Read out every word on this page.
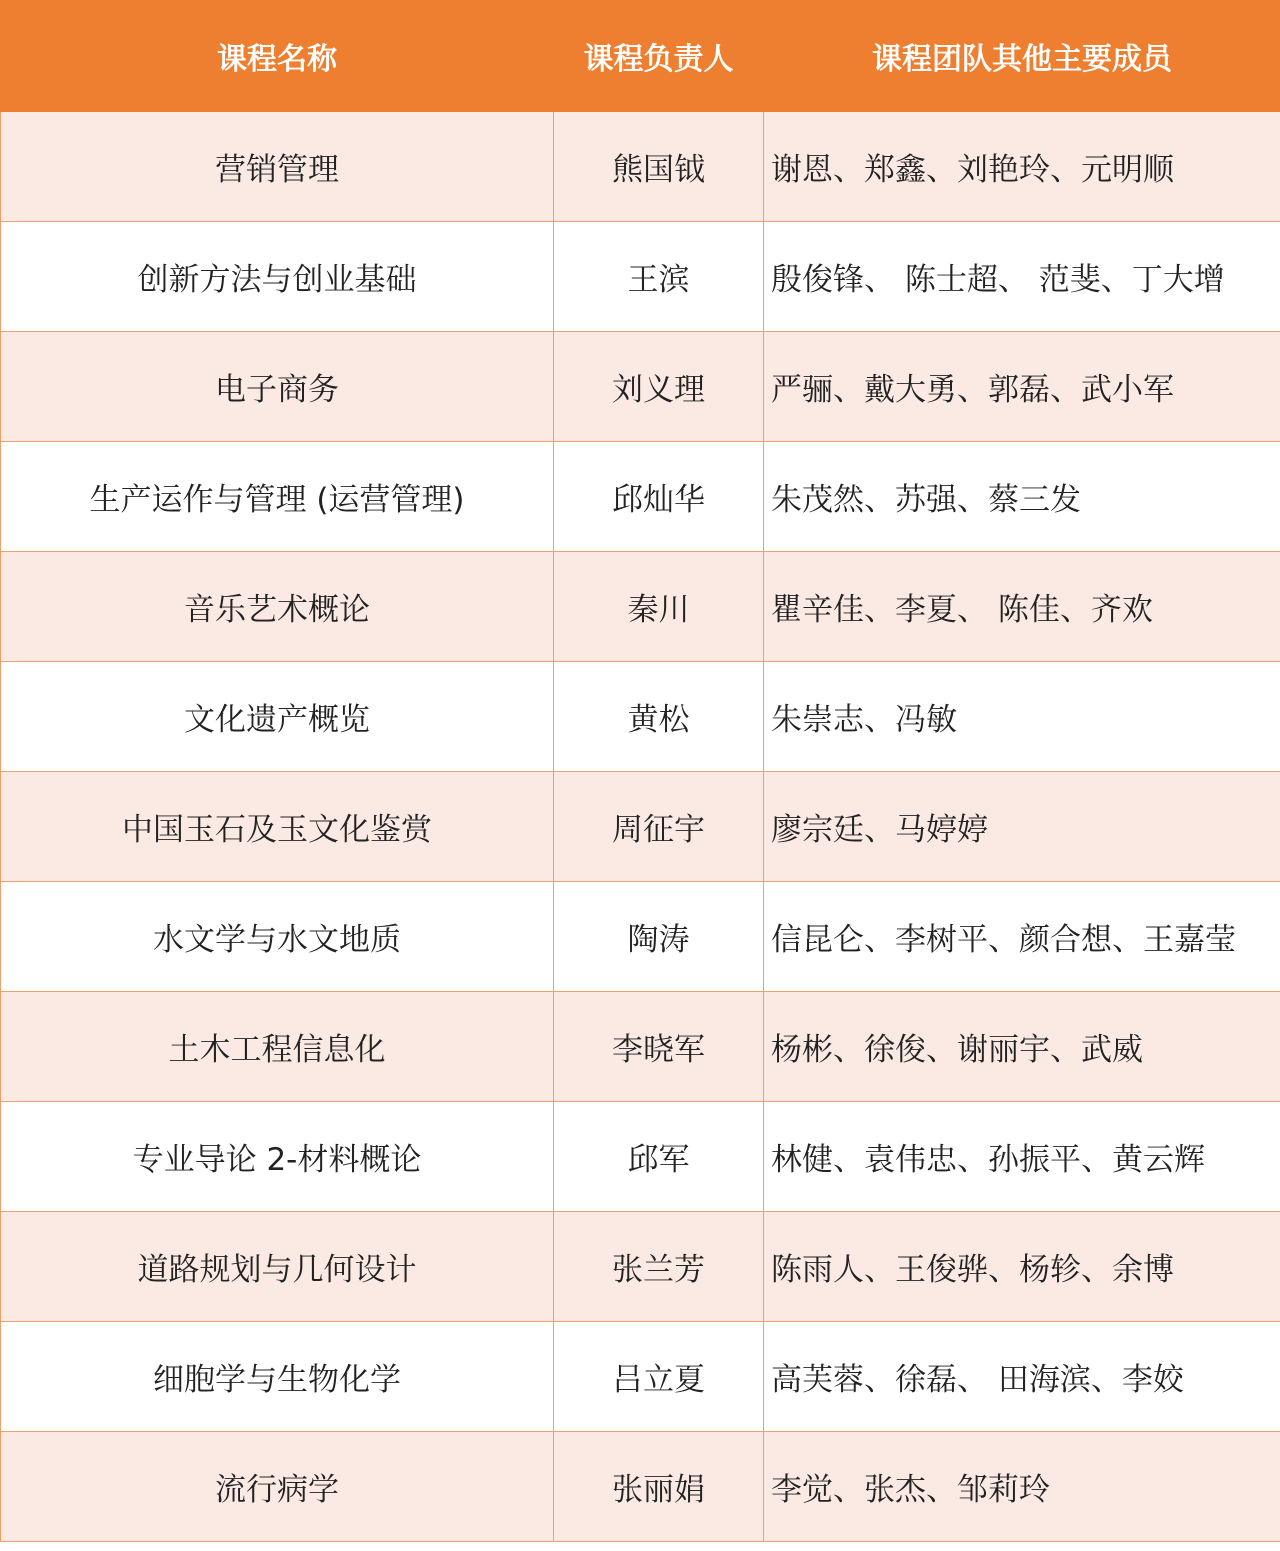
课程名称	课程负责人	课程团队其他主要成员
营销管理	熊国钺	谢恩、郑鑫、刘艳玲、元明顺
创新方法与创业基础	王滨	殷俊锋、 陈士超、 范斐、丁大增
电子商务	刘义理	严骊、戴大勇、郭磊、武小军
生产运作与管理 (运营管理)	邱灿华	朱茂然、苏强、蔡三发
音乐艺术概论	秦川	瞿辛佳、李夏、 陈佳、齐欢
文化遗产概览	黄松	朱崇志、冯敏
中国玉石及玉文化鉴赏	周征宇	廖宗廷、马婷婷
水文学与水文地质	陶涛	信昆仑、李树平、颜合想、王嘉莹
土木工程信息化	李晓军	杨彬、徐俊、谢丽宇、武威
专业导论 2-材料概论	邱军	林健、袁伟忠、孙振平、黄云辉
道路规划与几何设计	张兰芳	陈雨人、王俊骅、杨轸、余博
细胞学与生物化学	吕立夏	高芙蓉、徐磊、 田海滨、李姣
流行病学	张丽娟	李觉、张杰、邹莉玲
